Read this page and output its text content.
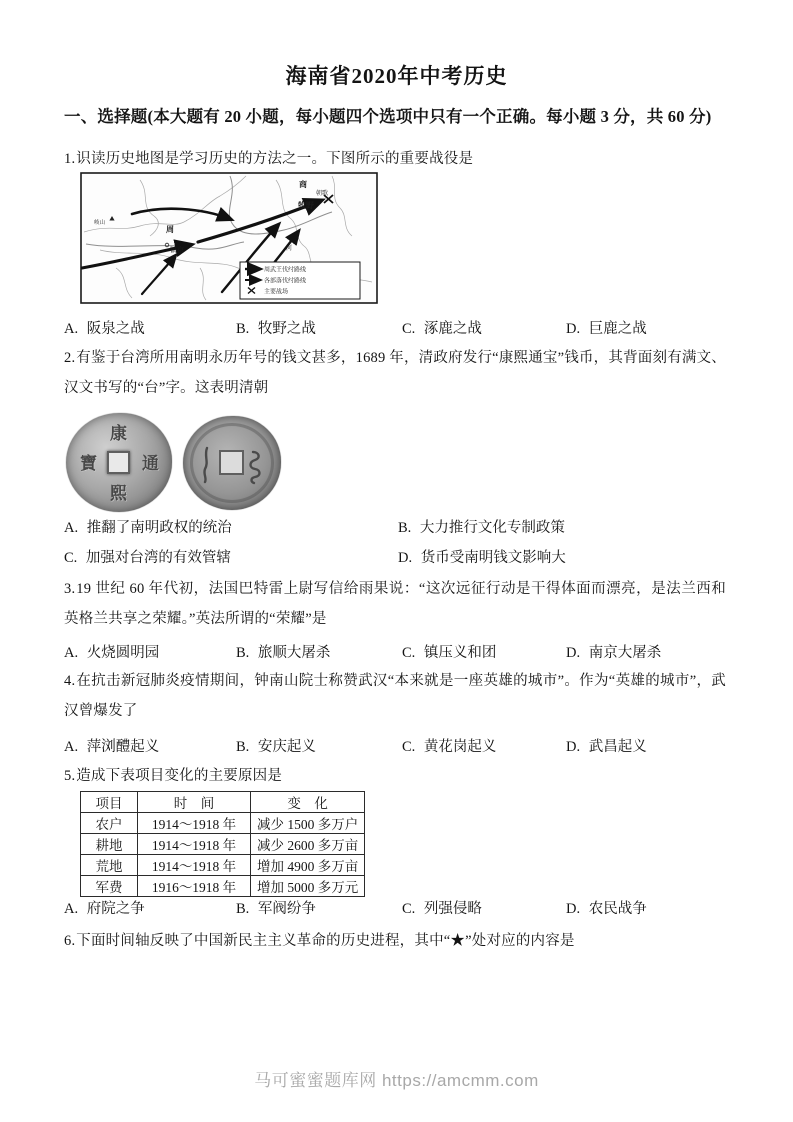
海南省2020年中考历史
一、选择题(本大题有 20 小题，每小题四个选项中只有一个正确。每小题 3 分，共 60 分)
1.识读历史地图是学习历史的方法之一。下图所示的重要战役是
商
朝歌
牧野
周
镐京
岐山
河
周武王伐纣路线
各部落伐纣路线
主要战场
A. 阪泉之战	B. 牧野之战	C. 涿鹿之战	D. 巨鹿之战
2.有鉴于台湾所用南明永历年号的钱文甚多，1689 年，清政府发行“康熙通宝”钱币，其背面刻有满文、汉文书写的“台”字。这表明清朝
康
熙
通
寶
A. 推翻了南明政权的统治	B. 大力推行文化专制政策
C. 加强对台湾的有效管辖	D. 货币受南明钱文影响大
3.19 世纪 60 年代初，法国巴特雷上尉写信给雨果说：“这次远征行动是干得体面而漂亮，是法兰西和英格兰共享之荣耀。”英法所谓的“荣耀”是
A. 火烧圆明园	B. 旅顺大屠杀	C. 镇压义和团	D. 南京大屠杀
4.在抗击新冠肺炎疫情期间，钟南山院士称赞武汉“本来就是一座英雄的城市”。作为“英雄的城市”，武汉曾爆发了
A. 萍浏醴起义	B. 安庆起义	C. 黄花岗起义	D. 武昌起义
5.造成下表项目变化的主要原因是
项目	时　间	变　化
农户	1914～1918 年	减少 1500 多万户
耕地	1914～1918 年	减少 2600 多万亩
荒地	1914～1918 年	增加 4900 多万亩
军费	1916～1918 年	增加 5000 多万元
A. 府院之争	B. 军阀纷争	C. 列强侵略	D. 农民战争
6.下面时间轴反映了中国新民主主义革命的历史进程，其中“★”处对应的内容是
马可蜜蜜题库网 https://amcmm.com
